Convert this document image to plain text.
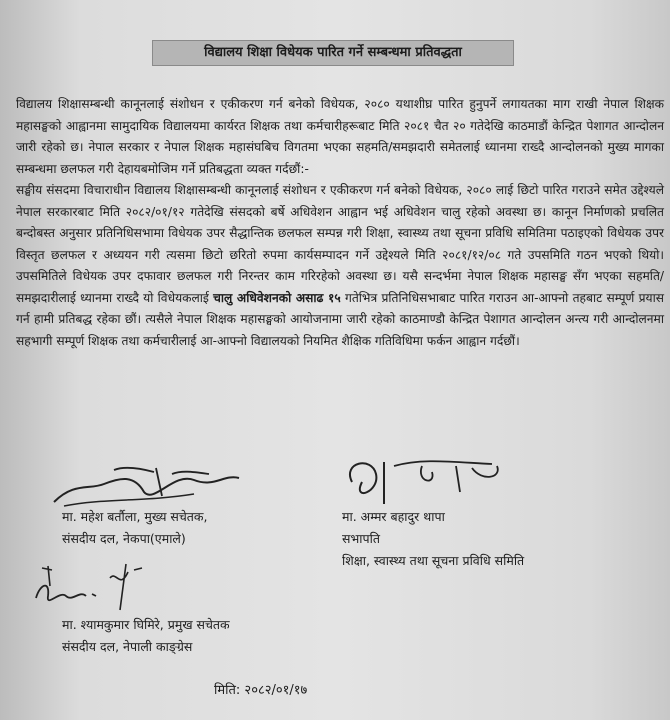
विद्यालय शिक्षा विधेयक पारित गर्ने सम्बन्धमा प्रतिवद्धता

विद्यालय शिक्षासम्बन्धी कानूनलाई संशोधन र एकीकरण गर्न बनेको विधेयक, २०८० यथाशीघ्र पारित हुनुपर्ने लगायतका माग राखी नेपाल शिक्षक महासङ्घको आह्वानमा सामुदायिक विद्यालयमा कार्यरत शिक्षक तथा कर्मचारीहरूबाट मिति २०८१ चैत २० गतेदेखि काठमाडौं केन्द्रित पेशागत आन्दोलन जारी रहेको छ। नेपाल सरकार र नेपाल शिक्षक महासंघबिच विगतमा भएका सहमति/समझदारी समेतलाई ध्यानमा राख्दै आन्दोलनको मुख्य मागका सम्बन्धमा छलफल गरी देहायबमोजिम गर्ने प्रतिबद्धता व्यक्त गर्दछौं:-

सङ्घीय संसदमा विचाराधीन विद्यालय शिक्षासम्बन्धी कानूनलाई संशोधन र एकीकरण गर्न बनेको विधेयक, २०८० लाई छिटो पारित गराउने समेत उद्देश्यले नेपाल सरकारबाट मिति २०८२/०१/१२ गतेदेखि संसदको बर्षे अधिवेशन आह्वान भई अधिवेशन चालु रहेको अवस्था छ। कानून निर्माणको प्रचलित बन्दोबस्त अनुसार प्रतिनिधिसभामा विधेयक उपर सैद्धान्तिक छलफल सम्पन्न गरी शिक्षा, स्वास्थ्य तथा सूचना प्रविधि समितिमा पठाइएको विधेयक उपर विस्तृत छलफल र अध्ययन गरी त्यसमा छिटो छरितो रुपमा कार्यसम्पादन गर्ने उद्देश्यले मिति २०८१/१२/०८ गते उपसमिति गठन भएको थियो। उपसमितिले विधेयक उपर दफावार छलफल गरी निरन्तर काम गरिरहेको अवस्था छ। यसै सन्दर्भमा नेपाल शिक्षक महासङ्घ सँग भएका सहमति/समझदारीलाई ध्यानमा राख्दै यो विधेयकलाई चालु अधिवेशनको असाढ १५ गतेभित्र प्रतिनिधिसभाबाट पारित गराउन आ-आफ्नो तहबाट सम्पूर्ण प्रयास गर्न हामी प्रतिबद्ध रहेका छौं। त्यसैले नेपाल शिक्षक महासङ्घको आयोजनामा जारी रहेको काठमाण्डौ केन्द्रित पेशागत आन्दोलन अन्त्य गरी आन्दोलनमा सहभागी सम्पूर्ण शिक्षक तथा कर्मचारीलाई आ-आफ्नो विद्यालयको नियमित शैक्षिक गतिविधिमा फर्कन आह्वान गर्दछौं।

मा. महेश बर्तौला, मुख्य सचेतक,
संसदीय दल, नेकपा(एमाले)
मा. अम्मर बहादुर थापा
सभापति
शिक्षा, स्वास्थ्य तथा सूचना प्रविधि समिति
मा. श्यामकुमार घिमिरे, प्रमुख सचेतक
संसदीय दल, नेपाली काङ्ग्रेस
मिति: २०८२/०१/१७
